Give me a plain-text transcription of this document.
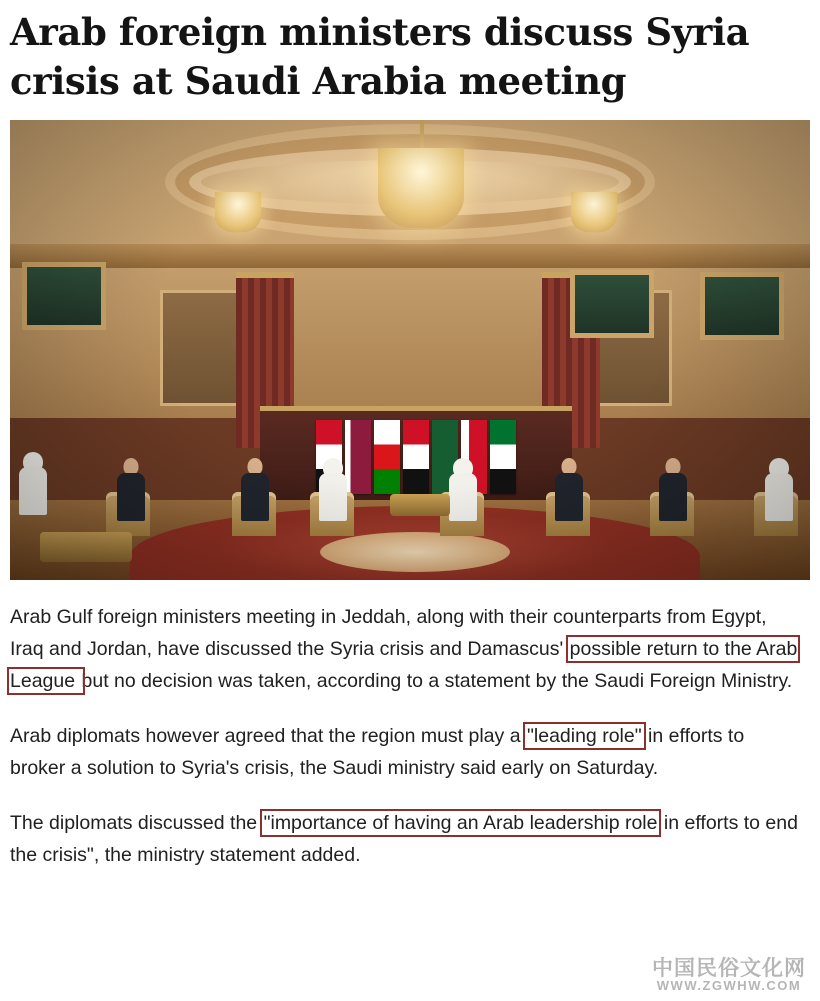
Arab foreign ministers discuss Syria crisis at Saudi Arabia meeting

Arab Gulf foreign ministers meeting in Jeddah, along with their counterparts from Egypt, Iraq and Jordan, have discussed the Syria crisis and Damascus' possible return to the Arab League but no decision was taken, according to a statement by the Saudi Foreign Ministry.

Arab diplomats however agreed that the region must play a "leading role" in efforts to broker a solution to Syria's crisis, the Saudi ministry said early on Saturday.

The diplomats discussed the "importance of having an Arab leadership role in efforts to end the crisis", the ministry statement added.

中国民俗文化网
WWW.ZGWHW.COM
